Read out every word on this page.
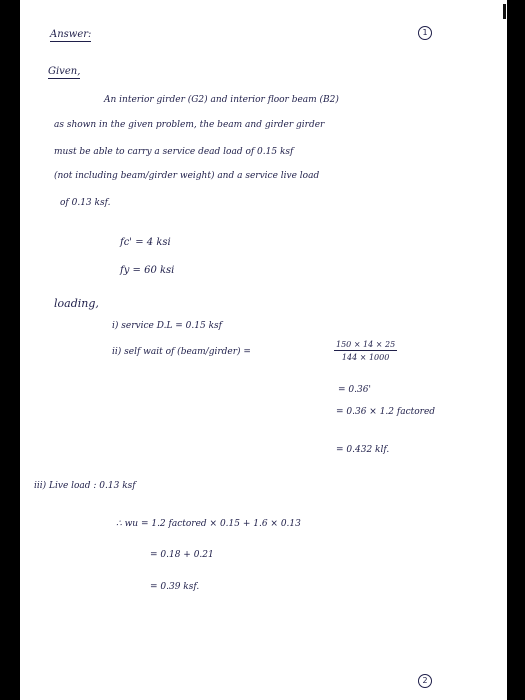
Answer:	1
Given,
An interior girder (G2) and interior floor beam (B2)
as shown in the given problem, the beam and girder girder
must be able to carry a service dead load of 0.15 ksf
(not including beam/girder weight) and a service live load
of 0.13 ksf.
fc' = 4 ksi
fy = 60 ksi
loading,
i) service D.L = 0.15 ksf
ii) self wait of (beam/girder) =	$\frac{150 \times 14 \times 25}{144 \times 1000}$
= 0.36'
= 0.36 × 1.2 factored
= 0.432 klf.
iii) Live load : 0.13 ksf
∴ wu = 1.2 factored × 0.15 + 1.6 × 0.13
= 0.18 + 0.21
= 0.39 ksf.
2
